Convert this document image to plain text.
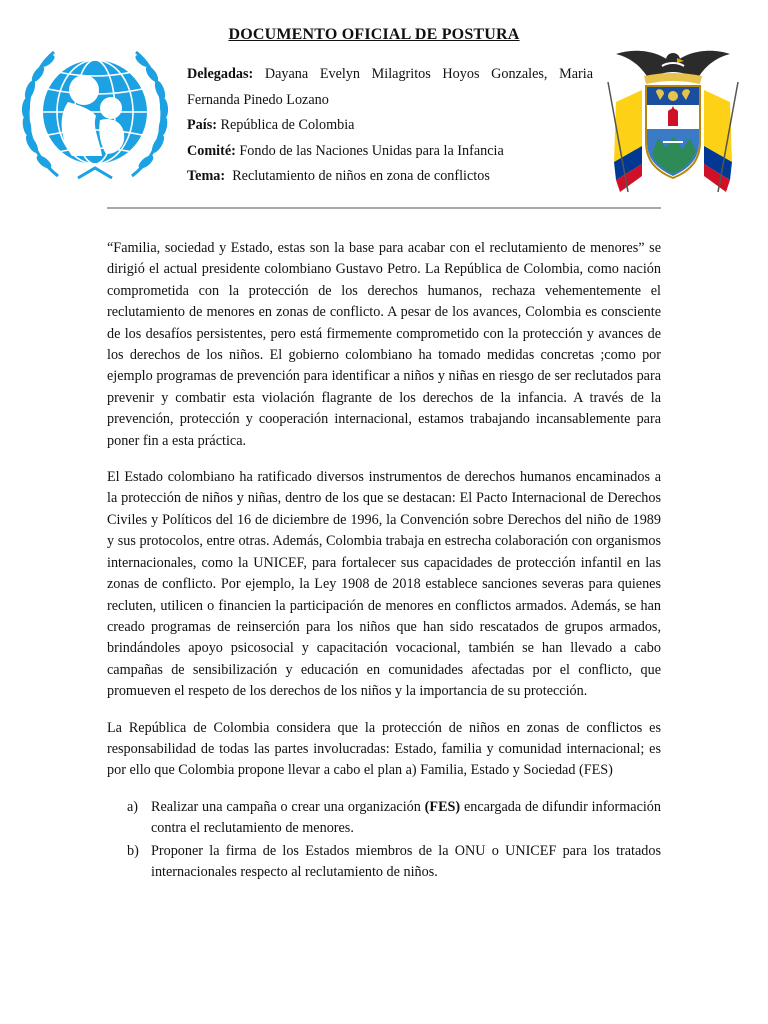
DOCUMENTO OFICIAL DE POSTURA

Delegadas: Dayana Evelyn Milagritos Hoyos Gonzales, Maria Fernanda Pinedo Lozano

País: República de Colombia

Comité: Fondo de las Naciones Unidas para la Infancia

Tema: Reclutamiento de niños en zona de conflictos

“Familia, sociedad y Estado, estas son la base para acabar con el reclutamiento de menores” se dirigió el actual presidente colombiano Gustavo Petro. La República de Colombia, como nación comprometida con la protección de los derechos humanos, rechaza vehementemente el reclutamiento de menores en zonas de conflicto. A pesar de los avances, Colombia es consciente de los desafíos persistentes, pero está firmemente comprometido con la protección y avances de los derechos de los niños. El gobierno colombiano ha tomado medidas concretas ;como por ejemplo programas de prevención para identificar a niños y niñas en riesgo de ser reclutados para prevenir y combatir esta violación flagrante de los derechos de la infancia. A través de la prevención, protección y cooperación internacional, estamos trabajando incansablemente para poner fin a esta práctica.

El Estado colombiano ha ratificado diversos instrumentos de derechos humanos encaminados a la protección de niños y niñas, dentro de los que se destacan: El Pacto Internacional de Derechos Civiles y Políticos del 16 de diciembre de 1996, la Convención sobre Derechos del niño de 1989 y sus protocolos, entre otras. Además, Colombia trabaja en estrecha colaboración con organismos internacionales, como la UNICEF, para fortalecer sus capacidades de protección infantil en las zonas de conflicto. Por ejemplo, la Ley 1908 de 2018 establece sanciones severas para quienes recluten, utilicen o financien la participación de menores en conflictos armados. Además, se han creado programas de reinserción para los niños que han sido rescatados de grupos armados, brindándoles apoyo psicosocial y capacitación vocacional, también se han llevado a cabo campañas de sensibilización y educación en comunidades afectadas por el conflicto, que promueven el respeto de los derechos de los niños y la importancia de su protección.

La República de Colombia considera que la protección de niños en zonas de conflictos es responsabilidad de todas las partes involucradas: Estado, familia y comunidad internacional; es por ello que Colombia propone llevar a cabo el plan a) Familia, Estado y Sociedad (FES)

a) Realizar una campaña o crear una organización (FES) encargada de difundir información contra el reclutamiento de menores.
b) Proponer la firma de los Estados miembros de la ONU o UNICEF para los tratados internacionales respecto al reclutamiento de niños.
